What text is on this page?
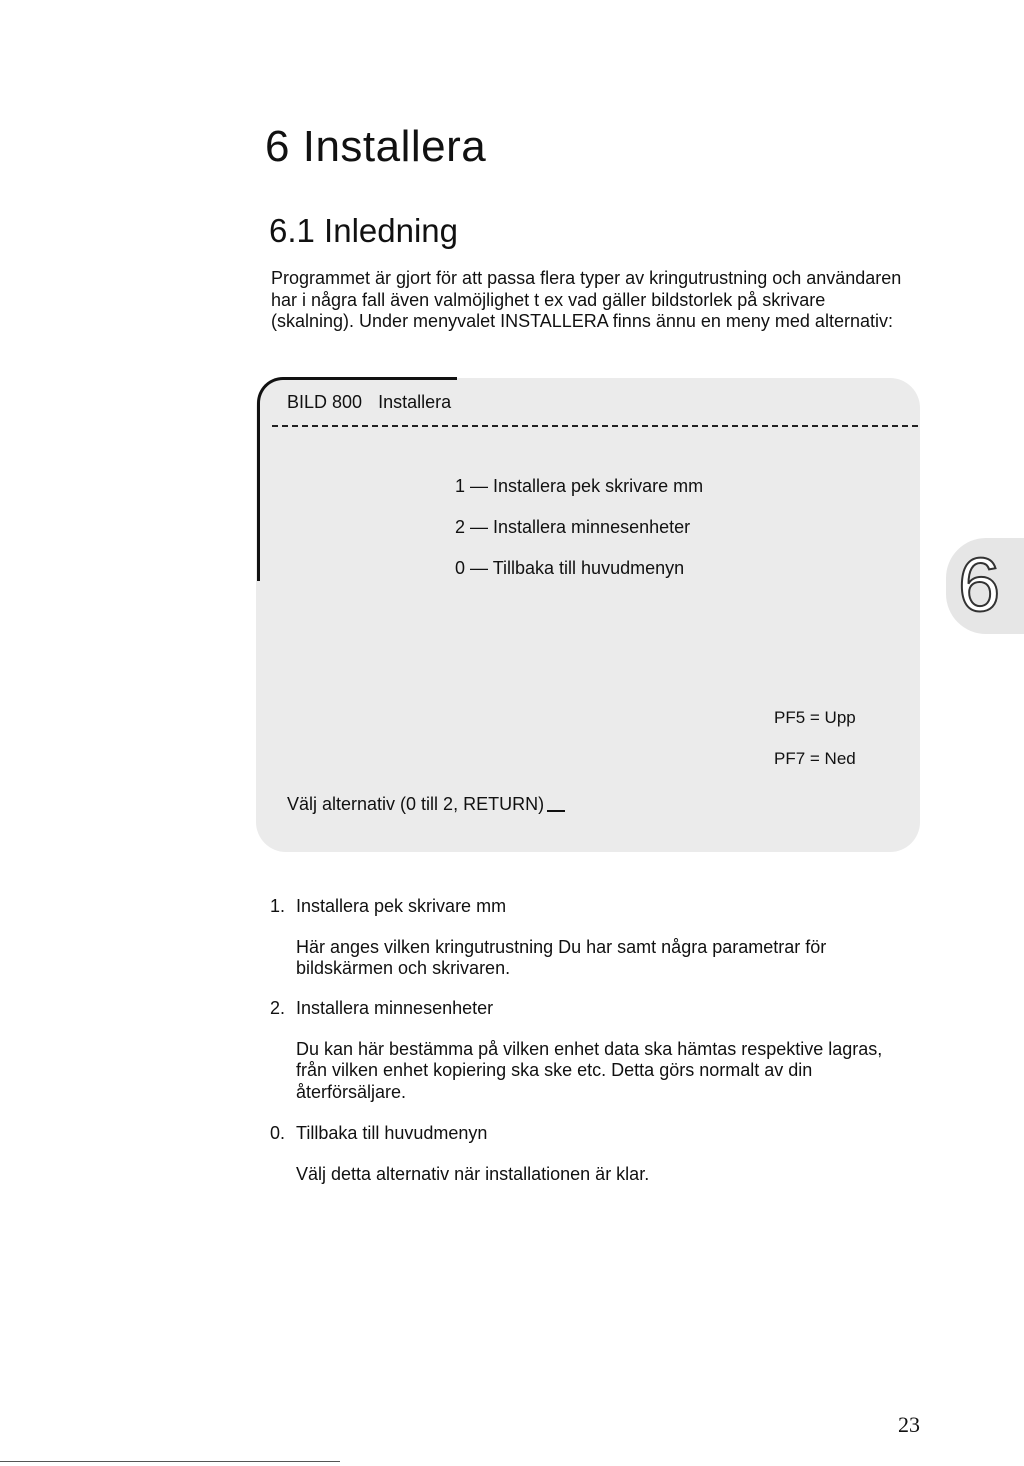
6 Installera
6.1 Inledning

Programmet är gjort för att passa flera typer av kringutrustning och användaren har i några fall även valmöjlighet t ex vad gäller bildstorlek på skrivare (skalning). Under menyvalet INSTALLERA finns ännu en meny med alternativ:

BILD 800 Installera
1 — Installera pek skrivare mm
2 — Installera minnesenheter
0 — Tillbaka till huvudmenyn
PF5 = Upp
PF7 = Ned
Välj alternativ (0 till 2, RETURN)
6
1. Installera pek skrivare mm
Här anges vilken kringutrustning Du har samt några parametrar för bildskärmen och skrivaren.
2. Installera minnesenheter
Du kan här bestämma på vilken enhet data ska hämtas respektive lagras, från vilken enhet kopiering ska ske etc. Detta görs normalt av din återförsäljare.
0. Tillbaka till huvudmenyn
Välj detta alternativ när installationen är klar.
23
